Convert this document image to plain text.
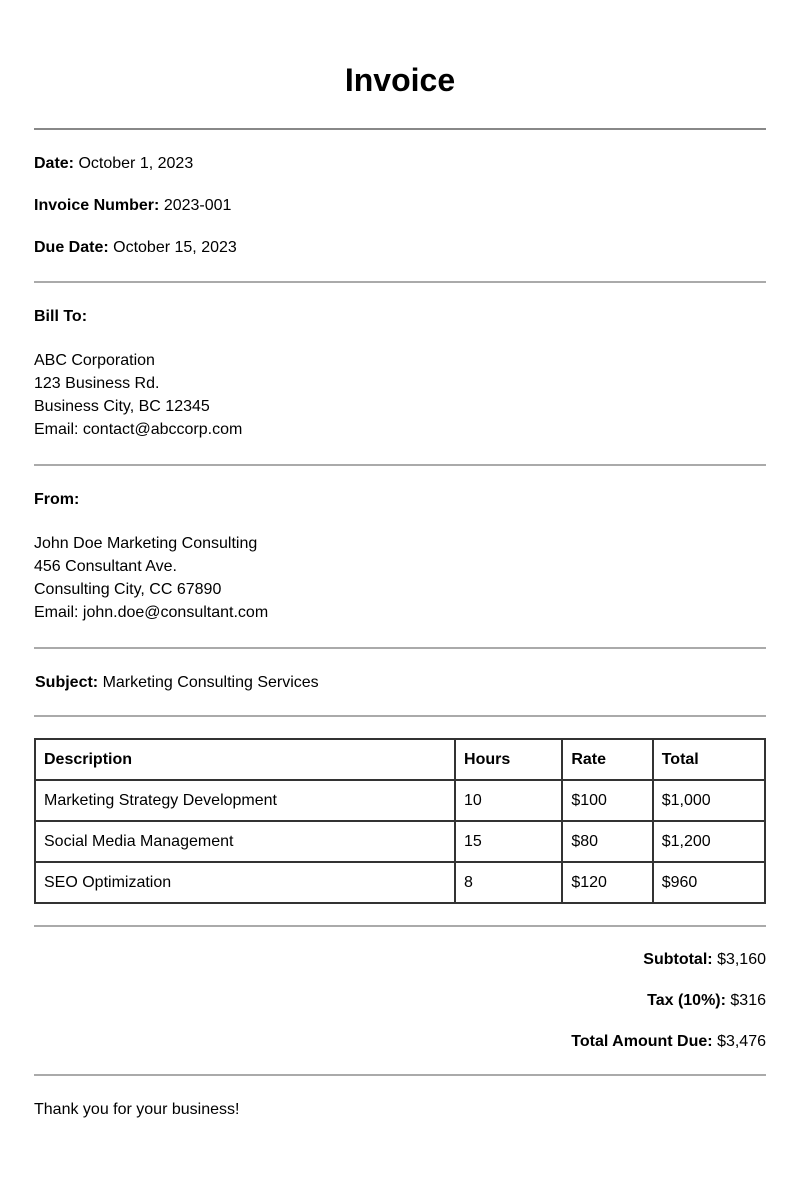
Invoice

Date: October 1, 2023

Invoice Number: 2023-001

Due Date: October 15, 2023

Bill To:

ABC Corporation
123 Business Rd.
Business City, BC 12345
Email: contact@abccorp.com

From:

John Doe Marketing Consulting
456 Consultant Ave.
Consulting City, CC 67890
Email: john.doe@consultant.com

Subject: Marketing Consulting Services

Description	Hours	Rate	Total
Marketing Strategy Development	10	$100	$1,000
Social Media Management	15	$80	$1,200
SEO Optimization	8	$120	$960

Subtotal: $3,160

Tax (10%): $316

Total Amount Due: $3,476

Thank you for your business!
